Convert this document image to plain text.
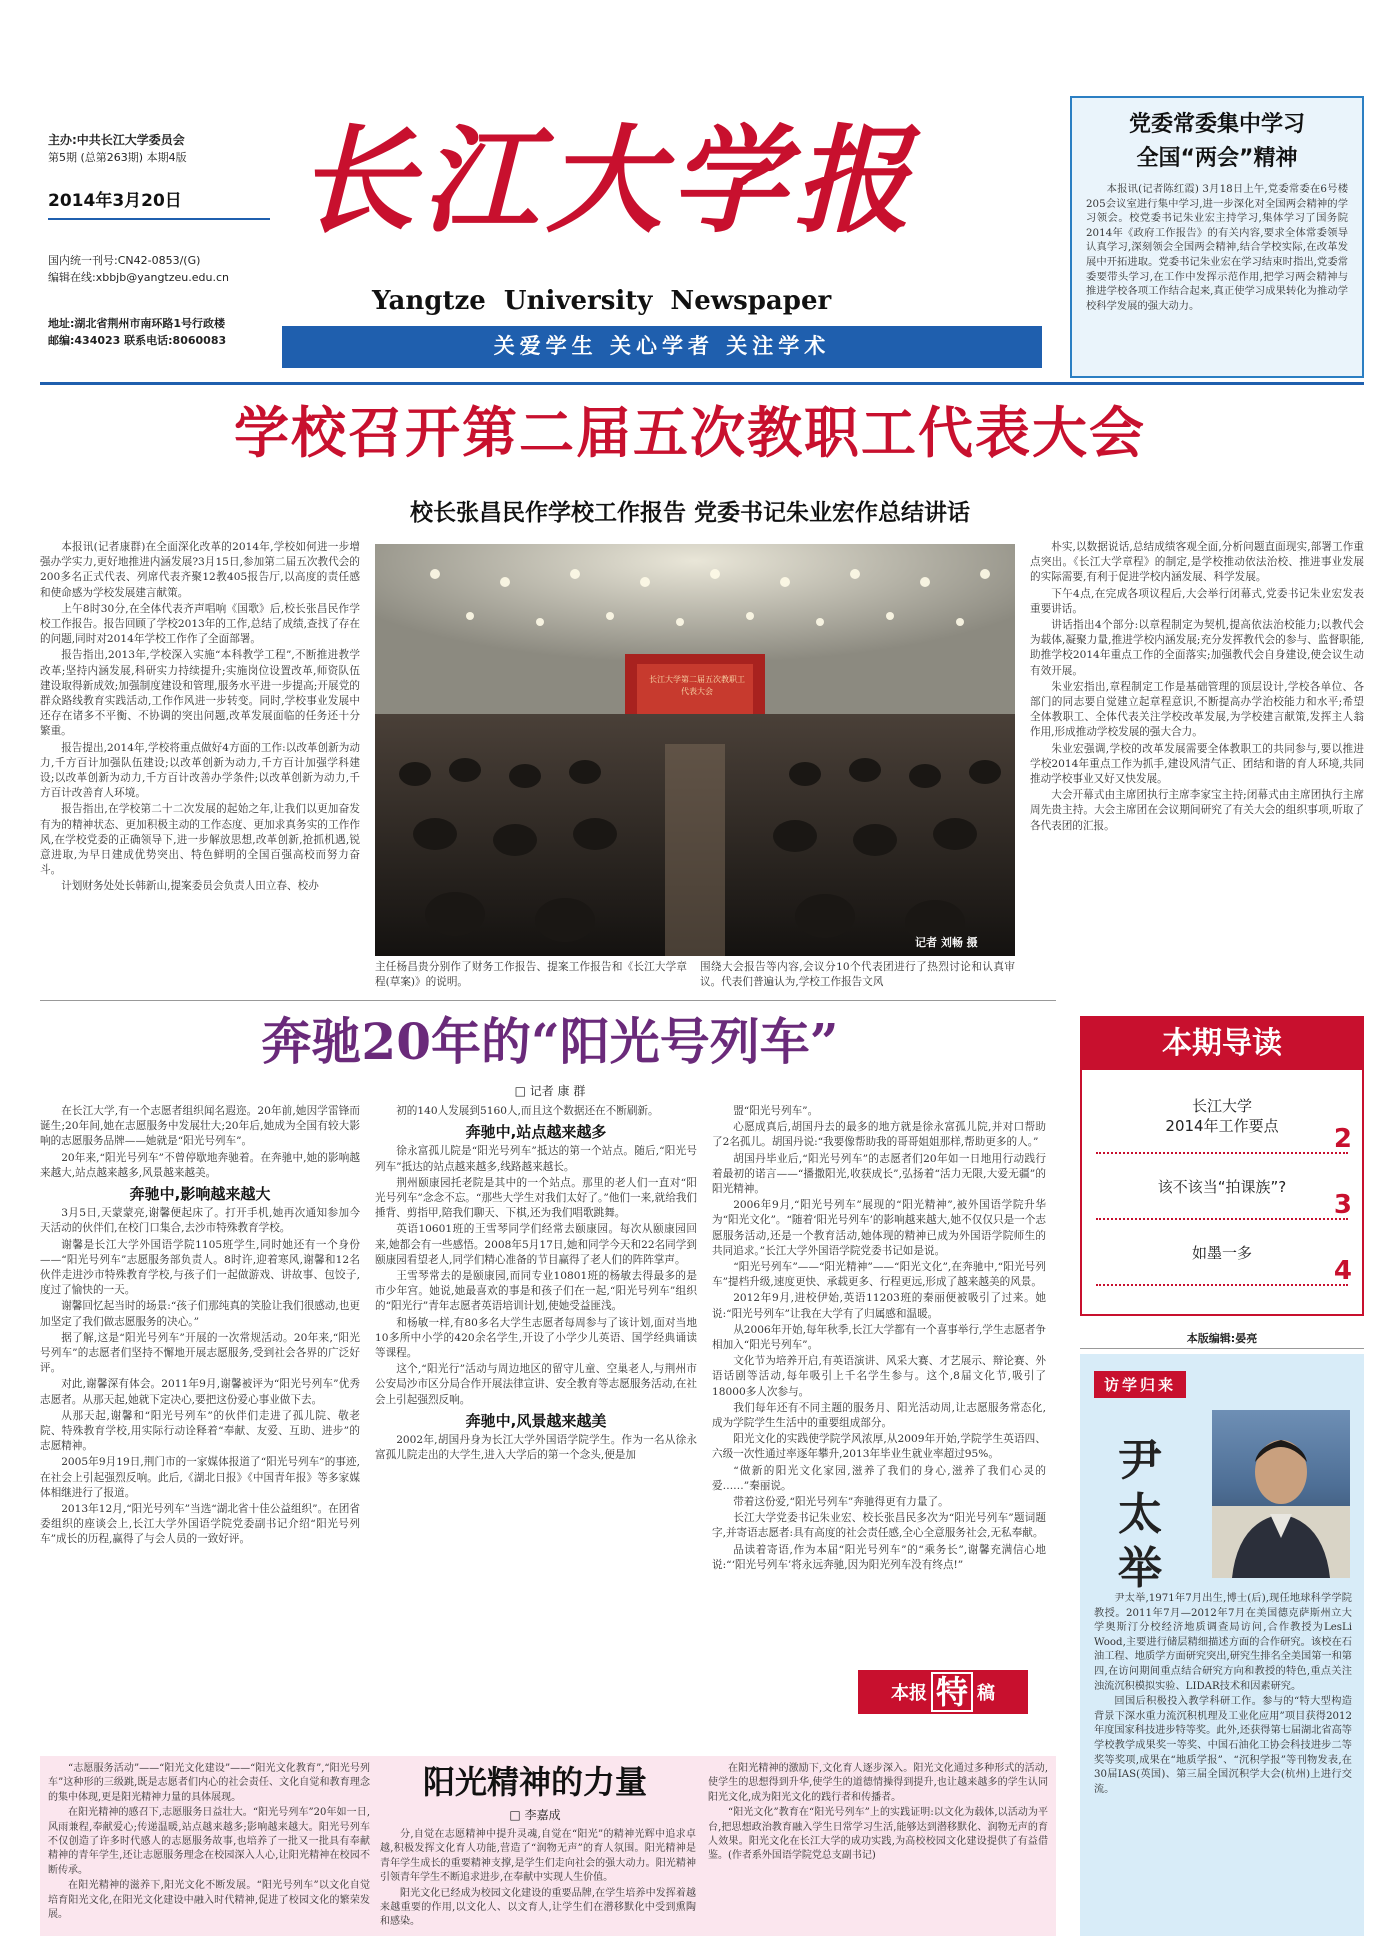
主办:中共长江大学委员会
第5期 (总第263期) 本期4版
2014年3月20日
国内统一刊号:CN42-0853/(G)
编辑在线:xbbjb@yangtzeu.edu.cn
地址:湖北省荆州市南环路1号行政楼
邮编:434023 联系电话:8060083
长江大学报
Yangtze  University  Newspaper
关爱学生 关心学者 关注学术
党委常委集中学习
全国“两会”精神
本报讯(记者陈红霞) 3月18日上午,党委常委在6号楼205会议室进行集中学习,进一步深化对全国两会精神的学习领会。校党委书记朱业宏主持学习,集体学习了国务院2014年《政府工作报告》的有关内容,要求全体常委领导认真学习,深刻领会全国两会精神,结合学校实际,在改革发展中开拓进取。党委书记朱业宏在学习结束时指出,党委常委要带头学习,在工作中发挥示范作用,把学习两会精神与推进学校各项工作结合起来,真正使学习成果转化为推动学校科学发展的强大动力。
学校召开第二届五次教职工代表大会
校长张昌民作学校工作报告 党委书记朱业宏作总结讲话

本报讯(记者康群)在全面深化改革的2014年,学校如何进一步增强办学实力,更好地推进内涵发展?3月15日,参加第二届五次教代会的200多名正式代表、列席代表齐聚12教405报告厅,以高度的责任感和使命感为学校发展建言献策。

上午8时30分,在全体代表齐声唱响《国歌》后,校长张昌民作学校工作报告。报告回顾了学校2013年的工作,总结了成绩,查找了存在的问题,同时对2014年学校工作作了全面部署。

报告指出,2013年,学校深入实施“本科教学工程”,不断推进教学改革;坚持内涵发展,科研实力持续提升;实施岗位设置改革,师资队伍建设取得新成效;加强制度建设和管理,服务水平进一步提高;开展党的群众路线教育实践活动,工作作风进一步转变。同时,学校事业发展中还存在诸多不平衡、不协调的突出问题,改革发展面临的任务还十分繁重。

报告提出,2014年,学校将重点做好4方面的工作:以改革创新为动力,千方百计加强队伍建设;以改革创新为动力,千方百计加强学科建设;以改革创新为动力,千方百计改善办学条件;以改革创新为动力,千方百计改善育人环境。

报告指出,在学校第二十二次发展的起始之年,让我们以更加奋发有为的精神状态、更加积极主动的工作态度、更加求真务实的工作作风,在学校党委的正确领导下,进一步解放思想,改革创新,抢抓机遇,锐意进取,为早日建成优势突出、特色鲜明的全国百强高校而努力奋斗。

计划财务处处长韩新山,提案委员会负责人田立春、校办

长江大学第二届五次教职工代表大会
记者 刘畅 摄
主任杨昌贵分别作了财务工作报告、提案工作报告和《长江大学章程(草案)》的说明。
围绕大会报告等内容,会议分10个代表团进行了热烈讨论和认真审议。代表们普遍认为,学校工作报告文风

朴实,以数据说话,总结成绩客观全面,分析问题直面现实,部署工作重点突出。《长江大学章程》的制定,是学校推动依法治校、推进事业发展的实际需要,有利于促进学校内涵发展、科学发展。

下午4点,在完成各项议程后,大会举行闭幕式,党委书记朱业宏发表重要讲话。

讲话指出4个部分:以章程制定为契机,提高依法治校能力;以教代会为载体,凝聚力量,推进学校内涵发展;充分发挥教代会的参与、监督职能,助推学校2014年重点工作的全面落实;加强教代会自身建设,使会议生动有效开展。

朱业宏指出,章程制定工作是基础管理的顶层设计,学校各单位、各部门的同志要自觉建立起章程意识,不断提高办学治校能力和水平;希望全体教职工、全体代表关注学校改革发展,为学校建言献策,发挥主人翁作用,形成推动学校发展的强大合力。

朱业宏强调,学校的改革发展需要全体教职工的共同参与,要以推进学校2014年重点工作为抓手,建设风清气正、团结和谐的育人环境,共同推动学校事业又好又快发展。

大会开幕式由主席团执行主席李家宝主持;闭幕式由主席团执行主席周先贵主持。大会主席团在会议期间研究了有关大会的组织事项,听取了各代表团的汇报。

奔驰20年的“阳光号列车”
□ 记者 康 群

在长江大学,有一个志愿者组织闻名遐迩。20年前,她因学雷锋而诞生;20年间,她在志愿服务中发展壮大;20年后,她成为全国有较大影响的志愿服务品牌——她就是“阳光号列车”。

20年来,“阳光号列车”不曾停歇地奔驰着。在奔驰中,她的影响越来越大,站点越来越多,风景越来越美。

奔驰中,影响越来越大

3月5日,天蒙蒙亮,谢馨便起床了。打开手机,她再次通知参加今天活动的伙伴们,在校门口集合,去沙市特殊教育学校。

谢馨是长江大学外国语学院1105班学生,同时她还有一个身份——“阳光号列车”志愿服务部负责人。8时许,迎着寒风,谢馨和12名伙伴走进沙市特殊教育学校,与孩子们一起做游戏、讲故事、包饺子,度过了愉快的一天。

谢馨回忆起当时的场景:“孩子们那纯真的笑脸让我们很感动,也更加坚定了我们做志愿服务的决心。”

据了解,这是“阳光号列车”开展的一次常规活动。20年来,“阳光号列车”的志愿者们坚持不懈地开展志愿服务,受到社会各界的广泛好评。

对此,谢馨深有体会。2011年9月,谢馨被评为“阳光号列车”优秀志愿者。从那天起,她就下定决心,要把这份爱心事业做下去。

从那天起,谢馨和“阳光号列车”的伙伴们走进了孤儿院、敬老院、特殊教育学校,用实际行动诠释着“奉献、友爱、互助、进步”的志愿精神。

2005年9月19日,荆门市的一家媒体报道了“阳光号列车”的事迹,在社会上引起强烈反响。此后,《湖北日报》《中国青年报》等多家媒体相继进行了报道。

2013年12月,“阳光号列车”当选“湖北省十佳公益组织”。在团省委组织的座谈会上,长江大学外国语学院党委副书记介绍“阳光号列车”成长的历程,赢得了与会人员的一致好评。

初的140人发展到5160人,而且这个数据还在不断刷新。

奔驰中,站点越来越多

徐永富孤儿院是“阳光号列车”抵达的第一个站点。随后,“阳光号列车”抵达的站点越来越多,线路越来越长。

荆州颐康园托老院是其中的一个站点。那里的老人们一直对“阳光号列车”念念不忘。“那些大学生对我们太好了。”他们一来,就给我们捶背、剪指甲,陪我们聊天、下棋,还为我们唱歌跳舞。

英语10601班的王雪琴同学们经常去颐康园。每次从颐康园回来,她都会有一些感悟。2008年5月17日,她和同学今天和22名同学到颐康园看望老人,同学们精心准备的节目赢得了老人们的阵阵掌声。

王雪琴常去的是颐康园,而同专业10801班的杨敏去得最多的是市少年宫。她说,她最喜欢的事是和孩子们在一起,“阳光号列车”组织的“阳光行”青年志愿者英语培训计划,使她受益匪浅。

和杨敏一样,有80多名大学生志愿者每周参与了该计划,面对当地10多所中小学的420余名学生,开设了小学少儿英语、国学经典诵读等课程。

这个,“阳光行”活动与周边地区的留守儿童、空巢老人,与荆州市公安局沙市区分局合作开展法律宣讲、安全教育等志愿服务活动,在社会上引起强烈反响。

奔驰中,风景越来越美

2002年,胡国丹身为长江大学外国语学院学生。作为一名从徐永富孤儿院走出的大学生,进入大学后的第一个念头,便是加

盟“阳光号列车”。

心愿成真后,胡国丹去的最多的地方就是徐永富孤儿院,并对口帮助了2名孤儿。胡国丹说:“我要像帮助我的哥哥姐姐那样,帮助更多的人。”

胡国丹毕业后,“阳光号列车”的志愿者们20年如一日地用行动践行着最初的诺言——“播撒阳光,收获成长”,弘扬着“活力无限,大爱无疆”的阳光精神。

2006年9月,“阳光号列车”展现的“阳光精神”,被外国语学院升华为“阳光文化”。“随着‘阳光号列车’的影响越来越大,她不仅仅只是一个志愿服务活动,还是一个教育活动,她体现的精神已成为外国语学院师生的共同追求。”长江大学外国语学院党委书记如是说。

“阳光号列车”——“阳光精神”——“阳光文化”,在奔驰中,“阳光号列车”提档升级,速度更快、承载更多、行程更远,形成了越来越美的风景。

2012年9月,进校伊始,英语11203班的秦丽便被吸引了过来。她说:“阳光号列车”让我在大学有了归属感和温暖。

从2006年开始,每年秋季,长江大学都有一个喜事举行,学生志愿者争相加入“阳光号列车”。

文化节为培养开启,有英语演讲、风采大赛、才艺展示、辩论赛、外语话剧等活动,每年吸引上千名学生参与。这个,8届文化节,吸引了18000多人次参与。

我们每年还有不同主题的服务月、阳光活动周,让志愿服务常态化,成为学院学生生活中的重要组成部分。

阳光文化的实践使学院学风浓厚,从2009年开始,学院学生英语四、六级一次性通过率逐年攀升,2013年毕业生就业率超过95%。

“做新的阳光文化家园,滋养了我们的身心,滋养了我们心灵的爱……”秦丽说。

带着这份爱,“阳光号列车”奔驰得更有力量了。

长江大学党委书记朱业宏、校长张昌民多次为“阳光号列车”题词题字,并寄语志愿者:具有高度的社会责任感,全心全意服务社会,无私奉献。

品读着寄语,作为本届“阳光号列车”的“乘务长”,谢馨充满信心地说:“‘阳光号列车’将永远奔驰,因为阳光列车没有终点!”

本报 特 稿

“志愿服务活动”——“阳光文化建设”——“阳光文化教育”,“阳光号列车”这种形的三级跳,既是志愿者们内心的社会责任、文化自觉和教育理念的集中体现,更是阳光精神力量的具体展现。

在阳光精神的感召下,志愿服务日益壮大。“阳光号列车”20年如一日,风雨兼程,奉献爱心;传递温暖,站点越来越多;影响越来越大。阳光号列车不仅创造了许多时代感人的志愿服务故事,也培养了一批又一批具有奉献精神的青年学生,还让志愿服务理念在校园深入人心,让阳光精神在校园不断传承。

在阳光精神的滋养下,阳光文化不断发展。“阳光号列车”以文化自觉培育阳光文化,在阳光文化建设中融入时代精神,促进了校园文化的繁荣发展。

阳光精神的力量
□ 李嘉成

分,自觉在志愿精神中提升灵魂,自觉在“阳光”的精神光辉中追求卓越,积极发挥文化育人功能,营造了“润物无声”的育人氛围。阳光精神是青年学生成长的重要精神支撑,是学生们走向社会的强大动力。阳光精神引领青年学生不断追求进步,在奉献中实现人生价值。

阳光文化已经成为校园文化建设的重要品牌,在学生培养中发挥着越来越重要的作用,以文化人、以文育人,让学生们在潜移默化中受到熏陶和感染。

在阳光精神的激励下,文化育人逐步深入。阳光文化通过多种形式的活动,使学生的思想得到升华,使学生的道德情操得到提升,也让越来越多的学生认同阳光文化,成为阳光文化的践行者和传播者。

“阳光文化”教育在“阳光号列车”上的实践证明:以文化为载体,以活动为平台,把思想政治教育融入学生日常学习生活,能够达到潜移默化、润物无声的育人效果。阳光文化在长江大学的成功实践,为高校校园文化建设提供了有益借鉴。(作者系外国语学院党总支副书记)

本期导读
长江大学
2014年工作要点 2
该不该当“拍课族”?
3
如墨一多
4
本版编辑:晏亮
访学归来
尹太举

尹太举,1971年7月出生,博士(后),现任地球科学学院教授。2011年7月—2012年7月在美国德克萨斯州立大学奥斯汀分校经济地质调查局访问,合作教授为LesLi Wood,主要进行储层精细描述方面的合作研究。该校在石油工程、地质学方面研究突出,研究生排名全美国第一和第四,在访问期间重点结合研究方向和教授的特色,重点关注浊流沉积模拟实验、LIDAR技术和因素研究。

回国后积极投入教学科研工作。参与的“特大型构造背景下深水重力流沉积机理及工业化应用”项目获得2012年度国家科技进步特等奖。此外,还获得第七届湖北省高等学校教学成果奖一等奖、中国石油化工协会科技进步二等奖等奖项,成果在“地质学报”、“沉积学报”等刊物发表,在30届IAS(英国)、第三届全国沉积学大会(杭州)上进行交流。
